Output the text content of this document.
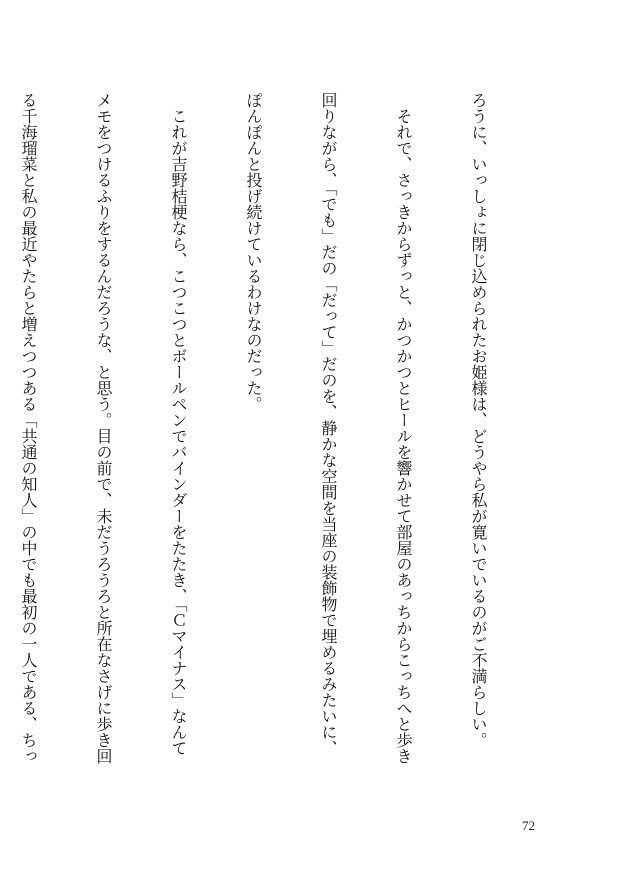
ろうに、いっしょに閉じ込められたお姫様は、どうやら私が寛いでいるのがご不満らしい。

　それで、さっきからずっと、かつかつとヒールを響かせて部屋のあっちからこっちへと歩き

回りながら、「でも」だの「だって」だのを、静かな空間を当座の装飾物で埋めるみたいに、

ぽんぽんと投げ続けているわけなのだった。

　これが吉野桔梗なら、こつこつとボールペンでバインダーをたたき、「Ｃマイナス」なんて

メモをつけるふりをするんだろうな、と思う。目の前で、未だうろうろと所在なさげに歩き回

る千海瑠菜と私の最近やたらと増えつつある「共通の知人」の中でも最初の一人である、ちっ

72
